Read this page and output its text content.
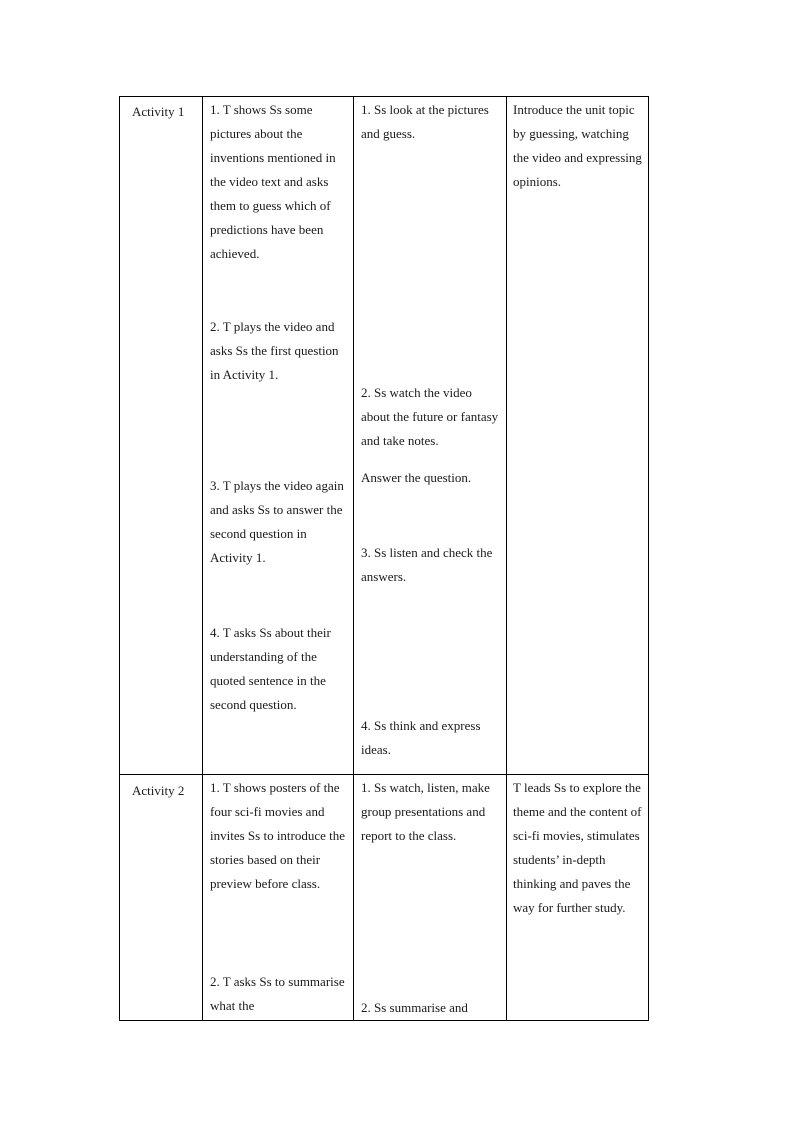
Activity 1	1. T shows Ss some pictures about the inventions mentioned in the video text and asks them to guess which of predictions have been achieved.
2. T plays the video and asks Ss the first question in Activity 1.
3. T plays the video again and asks Ss to answer the second question in Activity 1.
4. T asks Ss about their understanding of the quoted sentence in the second question.
1. Ss look at the pictures and guess.
2. Ss watch the video about the future or fantasy and take notes.
Answer the question.
3. Ss listen and check the answers.
4. Ss think and express ideas.
Introduce the unit topic by guessing, watching the video and expressing opinions.
Activity 2	1. T shows posters of the four sci-fi movies and invites Ss to introduce the stories based on their preview before class.
2. T asks Ss to summarise what the
1. Ss watch, listen, make group presentations and report to the class.
2. Ss summarise and
T leads Ss to explore the theme and the content of sci-fi movies, stimulates students’ in-depth thinking and paves the way for further study.
